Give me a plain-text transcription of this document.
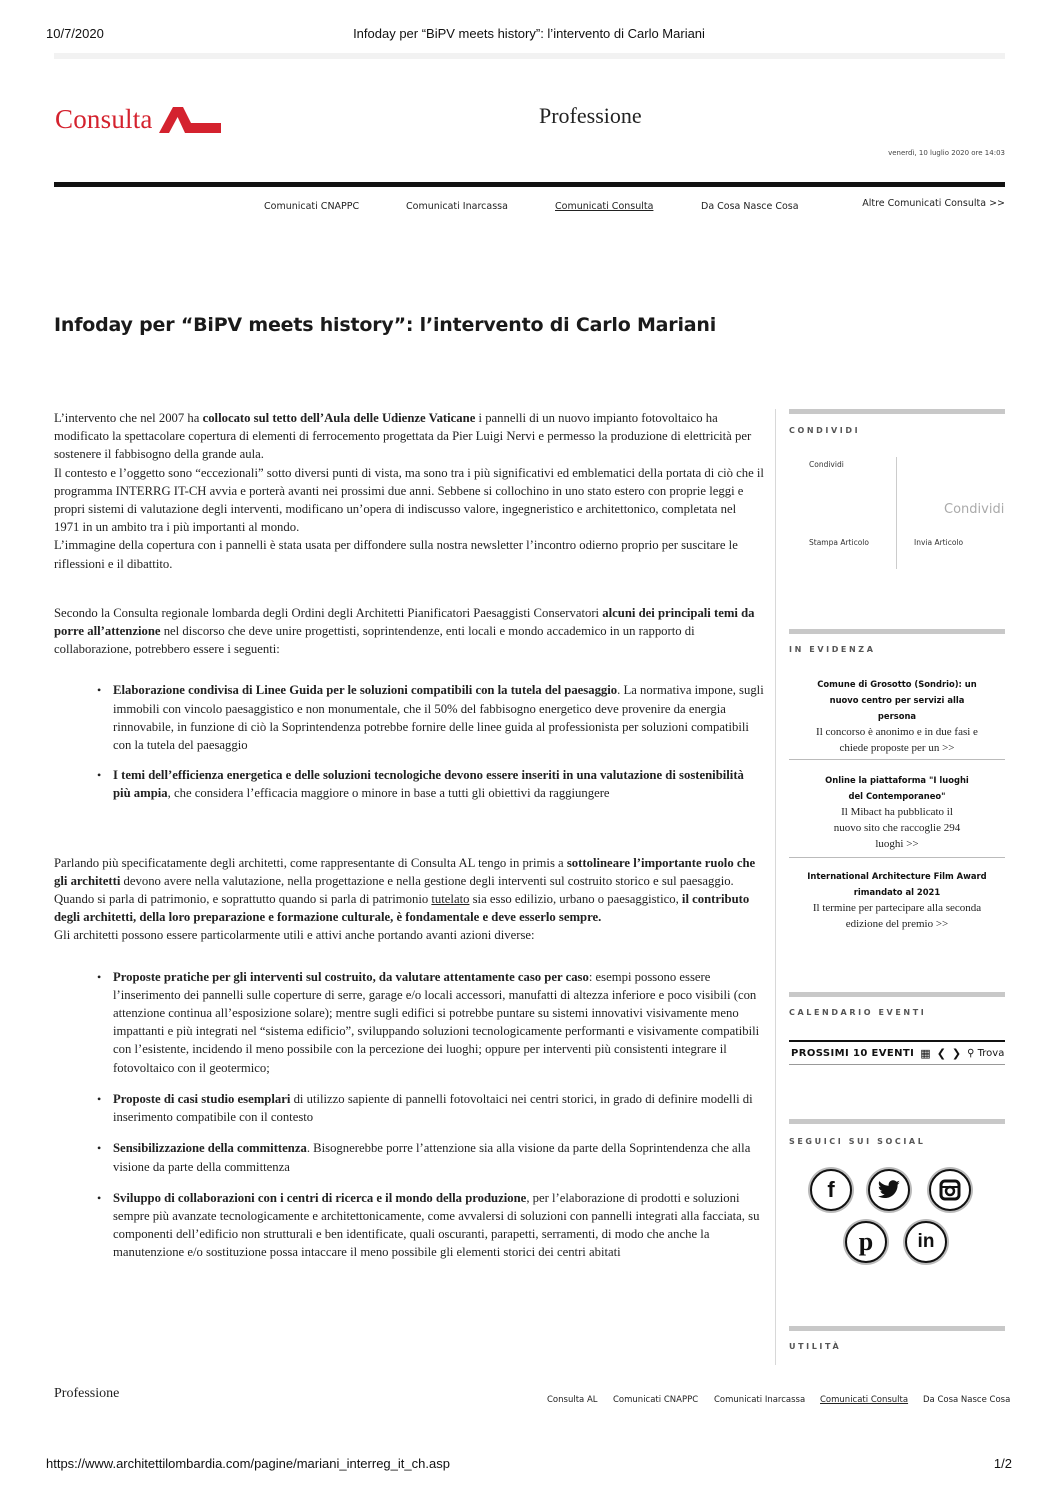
10/7/2020	Infoday per “BiPV meets history”: l’intervento di Carlo Mariani
https://www.architettilombardia.com/pagine/mariani_interreg_it_ch.asp	1/2
Consulta	Professione
venerdì, 10 luglio 2020 ore 14:03
Comunicati CNAPPC	Comunicati Inarcassa	Comunicati Consulta	Da Cosa Nasce Cosa	Altre Comunicati Consulta >>
Infoday per “BiPV meets history”: l’intervento di Carlo Mariani

L’intervento che nel 2007 ha collocato sul tetto dell’Aula delle Udienze Vaticane i pannelli di un nuovo impianto fotovoltaico ha modificato la spettacolare copertura di elementi di ferrocemento progettata da Pier Luigi Nervi e permesso la produzione di elettricità per sostenere il fabbisogno della grande aula.

Il contesto e l’oggetto sono “eccezionali” sotto diversi punti di vista, ma sono tra i più significativi ed emblematici della portata di ciò che il programma INTERRG IT-CH avvia e porterà avanti nei prossimi due anni. Sebbene si collochino in uno stato estero con proprie leggi e propri sistemi di valutazione degli interventi, modificano un’opera di indiscusso valore, ingegneristico e architettonico, completata nel 1971 in un ambito tra i più importanti al mondo.

L’immagine della copertura con i pannelli è stata usata per diffondere sulla nostra newsletter l’incontro odierno proprio per suscitare le riflessioni e il dibattito.

Secondo la Consulta regionale lombarda degli Ordini degli Architetti Pianificatori Paesaggisti Conservatori alcuni dei principali temi da porre all’attenzione nel discorso che deve unire progettisti, soprintendenze, enti locali e mondo accademico in un rapporto di collaborazione, potrebbero essere i seguenti:

• Elaborazione condivisa di Linee Guida per le soluzioni compatibili con la tutela del paesaggio. La normativa impone, sugli immobili con vincolo paesaggistico e non monumentale, che il 50% del fabbisogno energetico deve provenire da energia rinnovabile, in funzione di ciò la Soprintendenza potrebbe fornire delle linee guida al professionista per soluzioni compatibili con la tutela del paesaggio
• I temi dell’efficienza energetica e delle soluzioni tecnologiche devono essere inseriti in una valutazione di sostenibilità più ampia, che considera l’efficacia maggiore o minore in base a tutti gli obiettivi da raggiungere

Parlando più specificatamente degli architetti, come rappresentante di Consulta AL tengo in primis a sottolineare l’importante ruolo che gli architetti devono avere nella valutazione, nella progettazione e nella gestione degli interventi sul costruito storico e sul paesaggio. Quando si parla di patrimonio, e soprattutto quando si parla di patrimonio tutelato sia esso edilizio, urbano o paesaggistico, il contributo degli architetti, della loro preparazione e formazione culturale, è fondamentale e deve esserlo sempre.

Gli architetti possono essere particolarmente utili e attivi anche portando avanti azioni diverse:

• Proposte pratiche per gli interventi sul costruito, da valutare attentamente caso per caso: esempi possono essere l’inserimento dei pannelli sulle coperture di serre, garage e/o locali accessori, manufatti di altezza inferiore e poco visibili (con attenzione continua all’esposizione solare); mentre sugli edifici si potrebbe puntare su sistemi innovativi visivamente meno impattanti e più integrati nel “sistema edificio”, sviluppando soluzioni tecnologicamente performanti e visivamente compatibili con l’esistente, incidendo il meno possibile con la percezione dei luoghi; oppure per interventi più consistenti integrare il fotovoltaico con il geotermico;
• Proposte di casi studio esemplari di utilizzo sapiente di pannelli fotovoltaici nei centri storici, in grado di definire modelli di inserimento compatibile con il contesto
• Sensibilizzazione della committenza. Bisognerebbe porre l’attenzione sia alla visione da parte della Soprintendenza che alla visione da parte della committenza
• Sviluppo di collaborazioni con i centri di ricerca e il mondo della produzione, per l’elaborazione di prodotti e soluzioni sempre più avanzate tecnologicamente e architettonicamente, come avvalersi di soluzioni con pannelli integrati alla facciata, su componenti dell’edificio non strutturali e ben identificate, quali oscuranti, parapetti, serramenti, di modo che anche la manutenzione e/o sostituzione possa intaccare il meno possibile gli elementi storici dei centri abitati
CONDIVIDI
Condividi
Condividi
Stampa Articolo	Invia Articolo
IN EVIDENZA
Comune di Grosotto (Sondrio): un nuovo centro per servizi alla persona
Il concorso è anonimo e in due fasi e chiede proposte per un >>
Online la piattaforma "I luoghi del Contemporaneo"
Il Mibact ha pubblicato il nuovo sito che raccoglie 294 luoghi >>
International Architecture Film Award rimandato al 2021
Il termine per partecipare alla seconda edizione del premio >>
CALENDARIO EVENTI
PROSSIMI 10 EVENTI ▦ ❮ ❯ ⚲ Trova
SEGUICI SUI SOCIAL
f
p in
UTILITÀ
Professione	Consulta AL Comunicati CNAPPC Comunicati Inarcassa Comunicati Consulta Da Cosa Nasce Cosa
